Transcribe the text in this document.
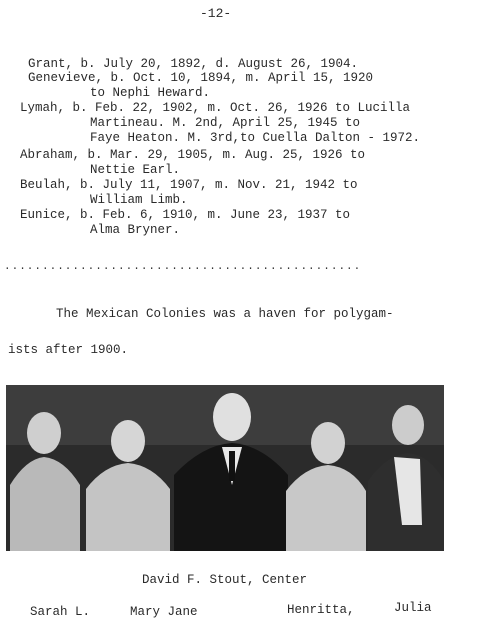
-12-
Grant, b. July 20, 1892, d. August 26, 1904.
Genevieve, b. Oct. 10, 1894, m. April 15, 1920
to Nephi Heward.
Lymah, b. Feb. 22, 1902, m. Oct. 26, 1926 to Lucilla
Martineau. M. 2nd, April 25, 1945 to
Faye Heaton. M. 3rd,to Cuella Dalton - 1972.
Abraham, b. Mar. 29, 1905, m. Aug. 25, 1926 to
Nettie Earl.
Beulah, b. July 11, 1907, m. Nov. 21, 1942 to
William Limb.
Eunice, b. Feb. 6, 1910, m. June 23, 1937 to
Alma Bryner.
...............................................
The Mexican Colonies was a haven for polygam-
ists after 1900.
David F. Stout, Center
Sarah L.	Mary Jane	Henritta,	Julia
